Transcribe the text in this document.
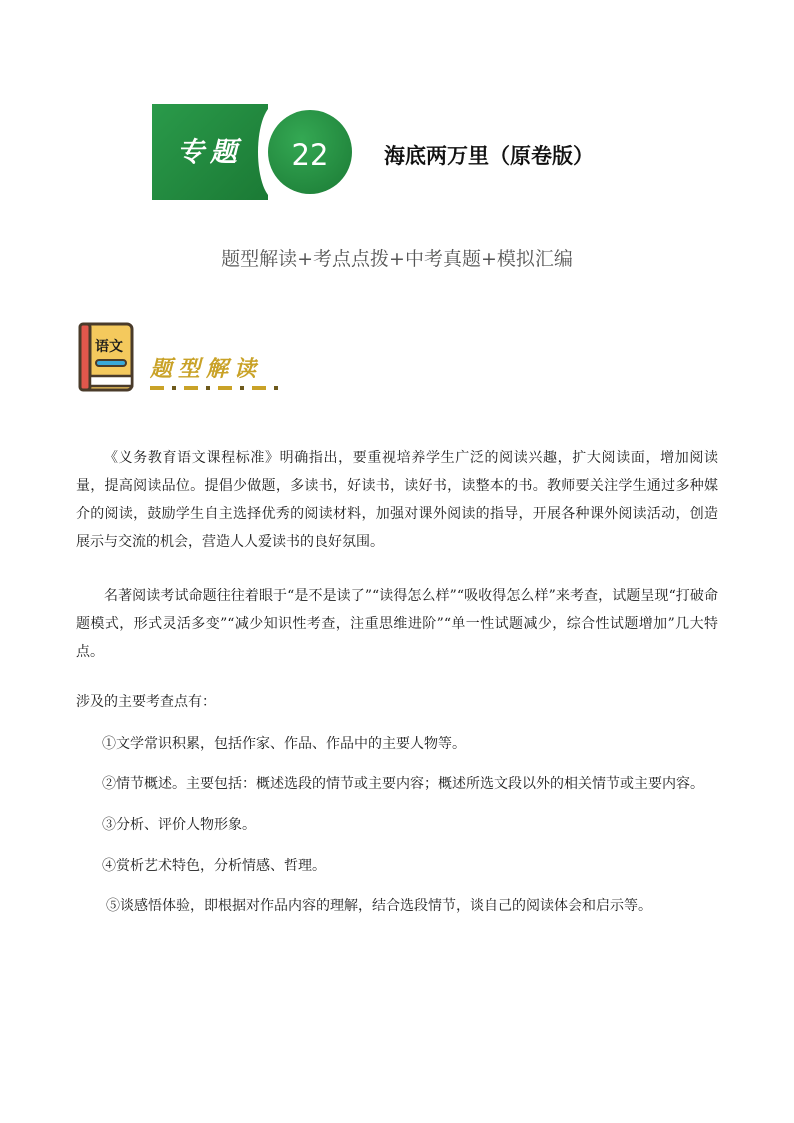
专题	22	海底两万里（原卷版）
题型解读+考点点拨+中考真题+模拟汇编
语文
题型解读

《义务教育语文课程标准》明确指出，要重视培养学生广泛的阅读兴趣，扩大阅读面，增加阅读量，提高阅读品位。提倡少做题，多读书，好读书，读好书，读整本的书。教师要关注学生通过多种媒介的阅读，鼓励学生自主选择优秀的阅读材料，加强对课外阅读的指导，开展各种课外阅读活动，创造展示与交流的机会，营造人人爱读书的良好氛围。

名著阅读考试命题往往着眼于“是不是读了”“读得怎么样”“吸收得怎么样”来考查，试题呈现“打破命题模式，形式灵活多变”“减少知识性考查，注重思维进阶”“单一性试题减少，综合性试题增加”几大特点。

涉及的主要考查点有：
①文学常识积累，包括作家、作品、作品中的主要人物等。
②情节概述。主要包括：概述选段的情节或主要内容；概述所选文段以外的相关情节或主要内容。
③分析、评价人物形象。
④赏析艺术特色，分析情感、哲理。
⑤谈感悟体验，即根据对作品内容的理解，结合选段情节，谈自己的阅读体会和启示等。
